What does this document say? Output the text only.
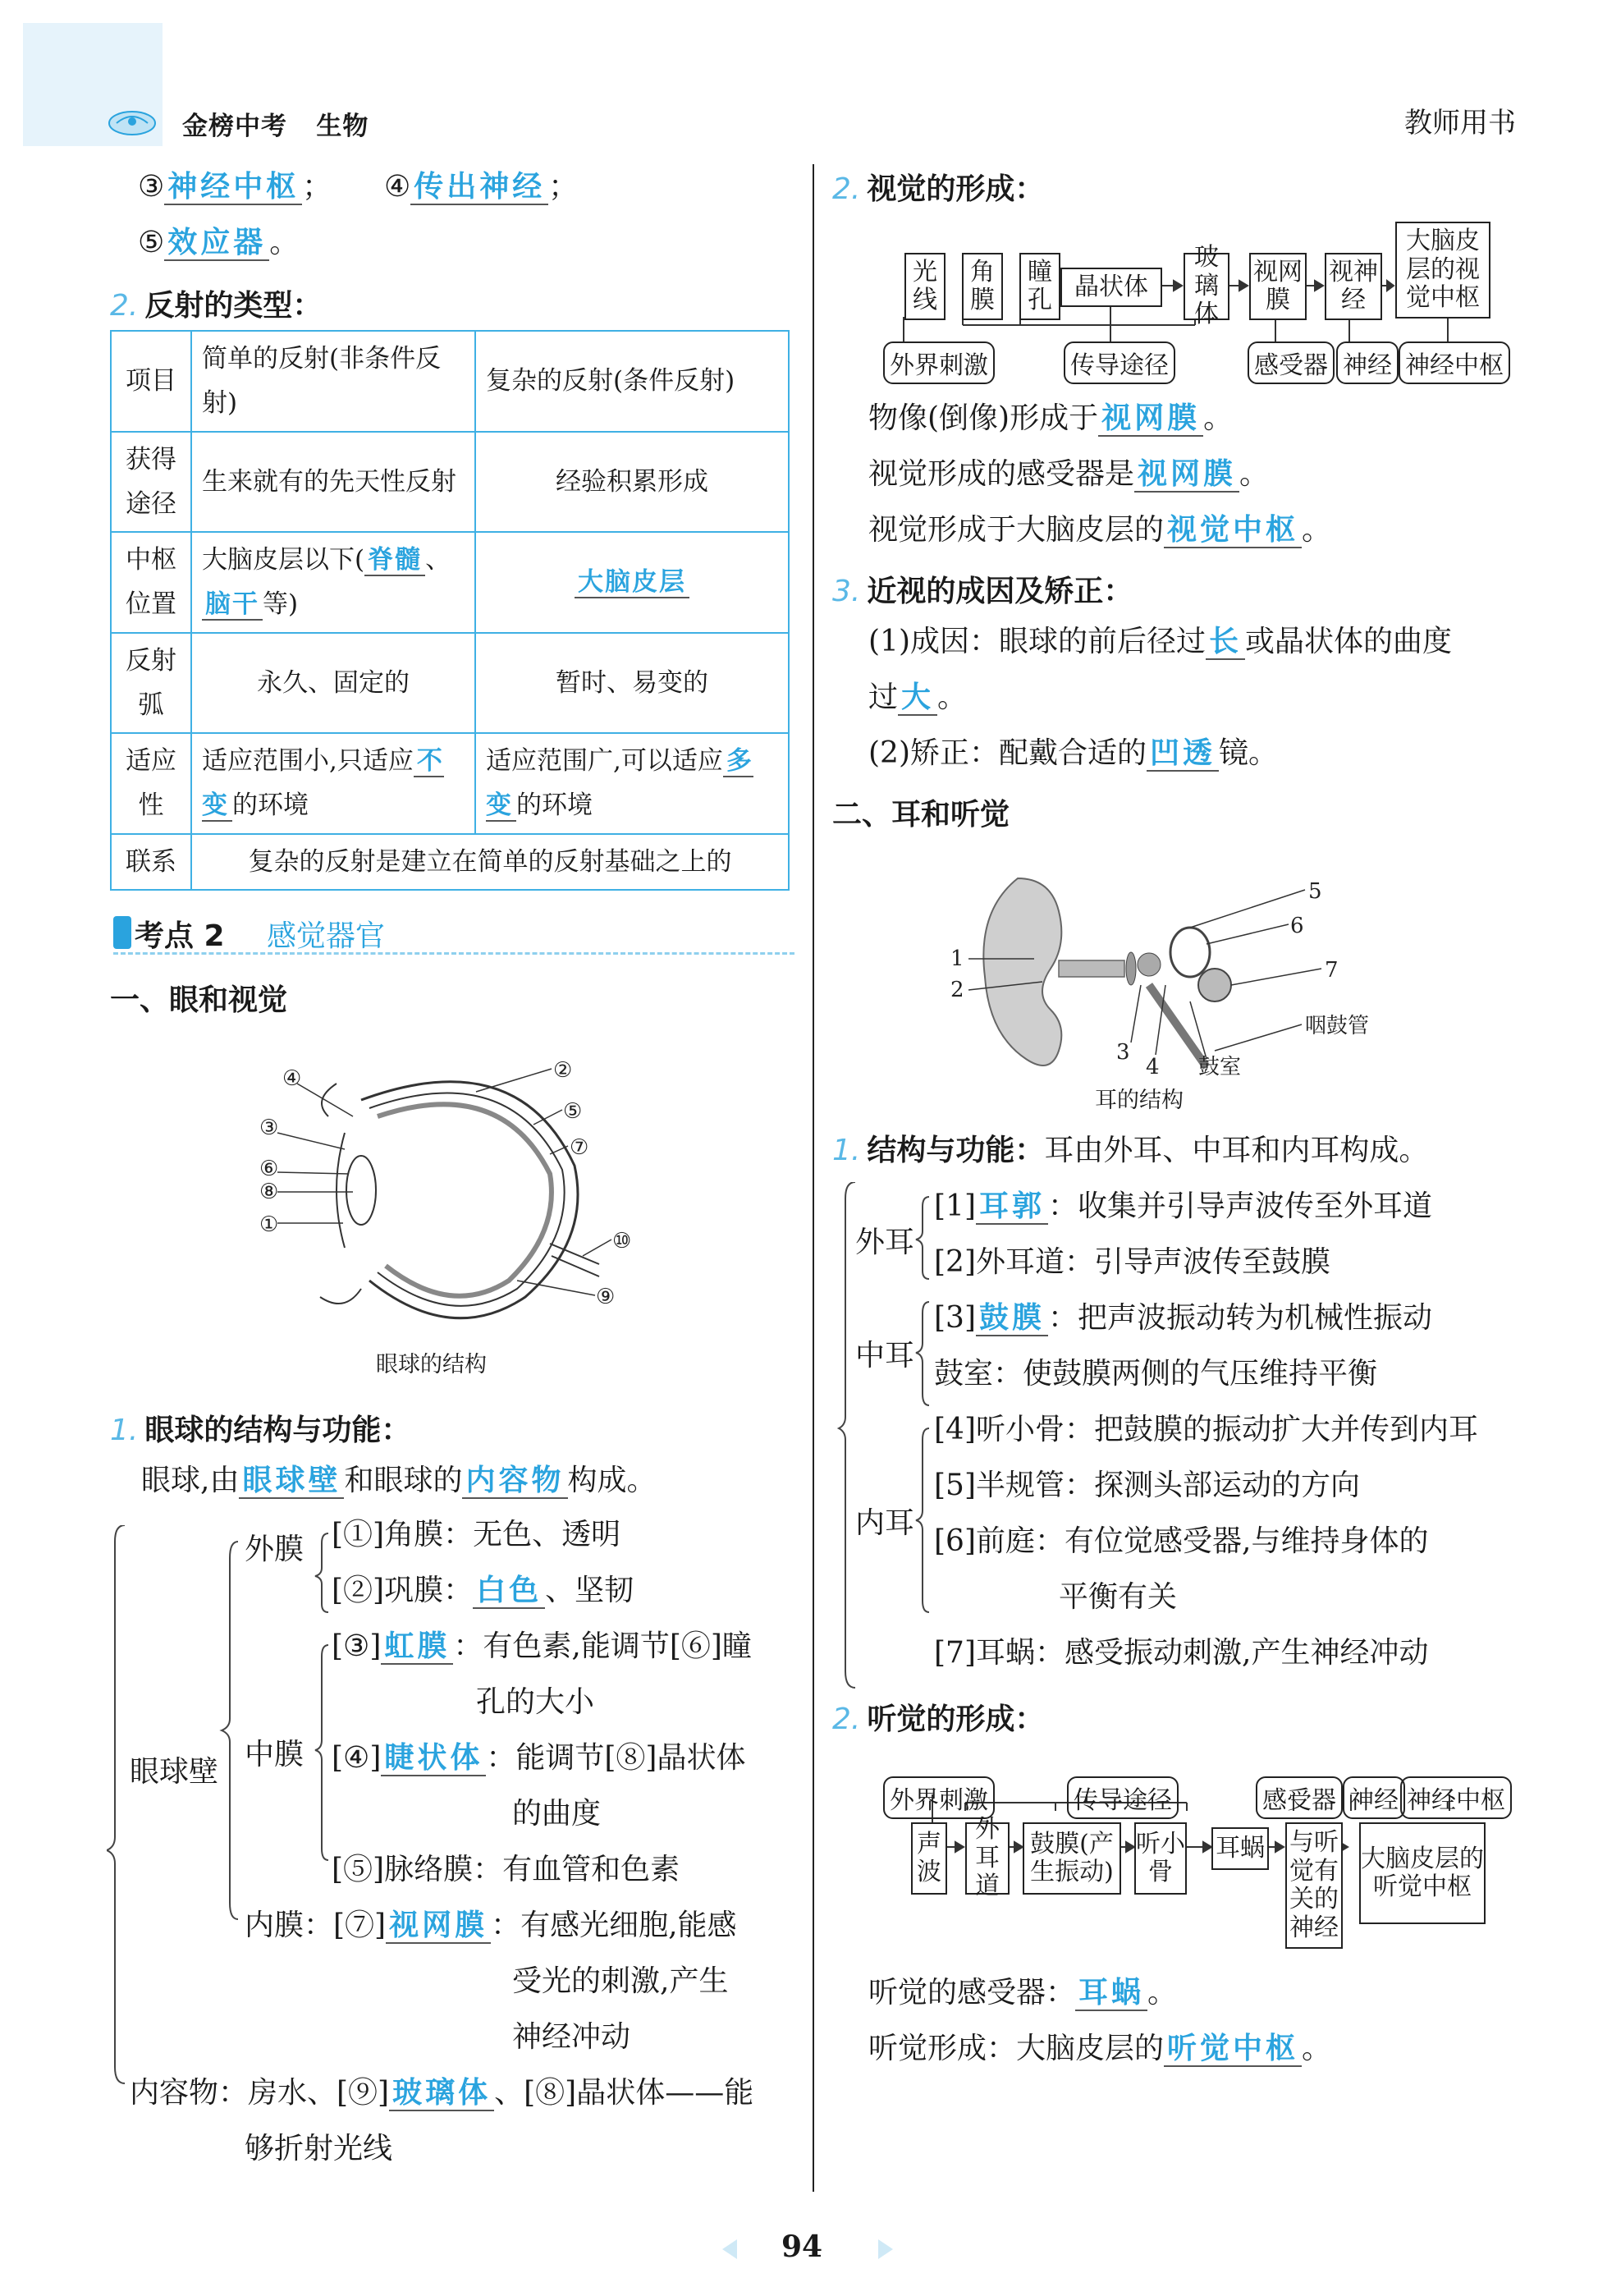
金榜中考 生物	教师用书
③ 神经中枢 ； ④ 传出神经 ；
⑤ 效应器 。
2. 反射的类型：
项目	简单的反射(非条件反射)	复杂的反射(条件反射)
获得途径	生来就有的先天性反射	经验积累形成
中枢位置	大脑皮层以下( 脊髓 、脑干 等)	大脑皮层
反射弧	永久、固定的	暂时、易变的
适应性	适应范围小,只适应 不变 的环境	适应范围广,可以适应 多变 的环境
联系	复杂的反射是建立在简单的反射基础之上的	
考点 2 感觉器官
一、眼和视觉
④
③
⑥
⑧
①
②
⑤
⑦
⑩
⑨
眼球的结构
1. 眼球的结构与功能：
眼球,由 眼球壁 和眼球的 内容物 构成。
眼球壁
外膜
中膜
[①]角膜：无色、透明
[②]巩膜： 白色 、坚韧
[③] 虹膜 ：有色素,能调节[⑥]瞳
孔的大小
[④] 睫状体 ：能调节[⑧]晶状体
的曲度
[⑤]脉络膜：有血管和色素
内膜：[⑦] 视网膜 ：有感光细胞,能感
受光的刺激,产生
神经冲动
内容物：房水、[⑨] 玻璃体 、[⑧]晶状体——能
够折射光线
2. 视觉的形成：
光线
角膜
瞳孔 晶状体
玻璃体
视网膜
视神经
大脑皮层的视觉中枢
外界刺激	传导途径	感受器 神经 神经中枢
物像(倒像)形成于 视网膜 。
视觉形成的感受器是 视网膜 。
视觉形成于大脑皮层的 视觉中枢 。
3. 近视的成因及矫正：
(1)成因：眼球的前后径过 长 或晶状体的曲度
过 大 。
(2)矫正：配戴合适的 凹透 镜。
二、耳和听觉
5
6
1
2
7
3
咽鼓管
4 鼓室
耳的结构
1. 结构与功能：耳由外耳、中耳和内耳构成。
外耳
中耳
内耳
[1] 耳郭 ：收集并引导声波传至外耳道
[2]外耳道：引导声波传至鼓膜
[3] 鼓膜 ：把声波振动转为机械性振动
鼓室：使鼓膜两侧的气压维持平衡
[4]听小骨：把鼓膜的振动扩大并传到内耳
[5]半规管：探测头部运动的方向
[6]前庭：有位觉感受器,与维持身体的
平衡有关
[7]耳蜗：感受振动刺激,产生神经冲动
2. 听觉的形成：
外界刺激	传导途径	感受器 神经 神经中枢
声波
外耳道
鼓膜(产生振动)
听小骨
耳蜗 与听觉有关的神经
大脑皮层的听觉中枢
听觉的感受器： 耳蜗 。
听觉形成：大脑皮层的 听觉中枢 。
94
